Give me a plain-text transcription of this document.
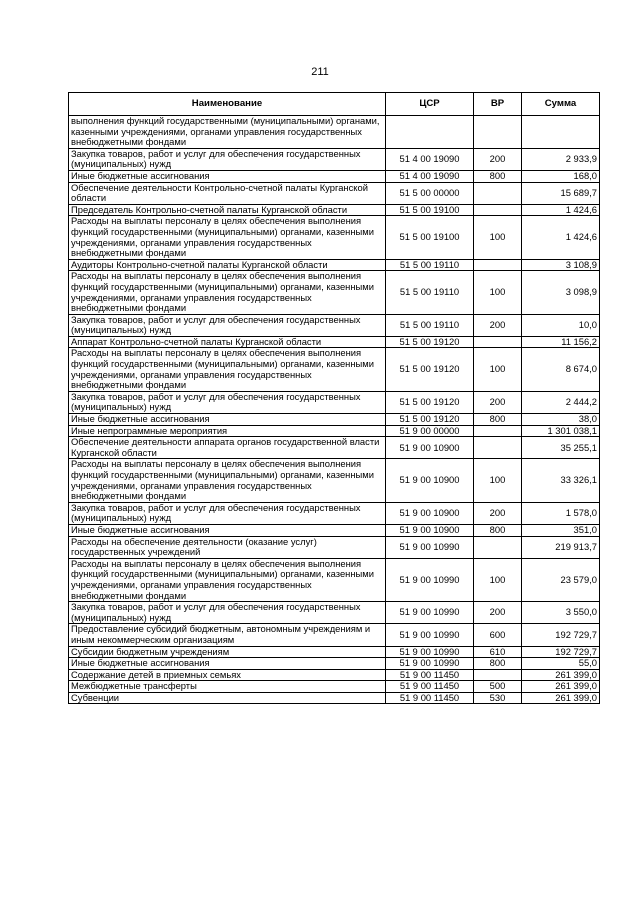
211
Наименование	ЦСР	ВР	Сумма
выполнения функций государственными (муниципальными) органами, казенными учреждениями, органами управления государственных внебюджетными фондами			
Закупка товаров, работ и услуг для обеспечения государственных (муниципальных) нужд	51 4 00 19090	200	2 933,9
Иные бюджетные ассигнования	51 4 00 19090	800	168,0
Обеспечение деятельности Контрольно-счетной палаты Курганской области	51 5 00 00000		15 689,7
Председатель Контрольно-счетной палаты Курганской области	51 5 00 19100		1 424,6
Расходы на выплаты персоналу в целях обеспечения выполнения функций государственными (муниципальными) органами, казенными учреждениями, органами управления государственных внебюджетными фондами	51 5 00 19100	100	1 424,6
Аудиторы Контрольно-счетной палаты Курганской области	51 5 00 19110		3 108,9
Расходы на выплаты персоналу в целях обеспечения выполнения функций государственными (муниципальными) органами, казенными учреждениями, органами управления государственных внебюджетными фондами	51 5 00 19110	100	3 098,9
Закупка товаров, работ и услуг для обеспечения государственных (муниципальных) нужд	51 5 00 19110	200	10,0
Аппарат Контрольно-счетной палаты Курганской области	51 5 00 19120		11 156,2
Расходы на выплаты персоналу в целях обеспечения выполнения функций государственными (муниципальными) органами, казенными учреждениями, органами управления государственных внебюджетными фондами	51 5 00 19120	100	8 674,0
Закупка товаров, работ и услуг для обеспечения государственных (муниципальных) нужд	51 5 00 19120	200	2 444,2
Иные бюджетные ассигнования	51 5 00 19120	800	38,0
Иные непрограммные мероприятия	51 9 00 00000		1 301 038,1
Обеспечение деятельности аппарата органов государственной власти Курганской области	51 9 00 10900		35 255,1
Расходы на выплаты персоналу в целях обеспечения выполнения функций государственными (муниципальными) органами, казенными учреждениями, органами управления государственных внебюджетными фондами	51 9 00 10900	100	33 326,1
Закупка товаров, работ и услуг для обеспечения государственных (муниципальных) нужд	51 9 00 10900	200	1 578,0
Иные бюджетные ассигнования	51 9 00 10900	800	351,0
Расходы на обеспечение деятельности (оказание услуг) государственных учреждений	51 9 00 10990		219 913,7
Расходы на выплаты персоналу в целях обеспечения выполнения функций государственными (муниципальными) органами, казенными учреждениями, органами управления государственных внебюджетными фондами	51 9 00 10990	100	23 579,0
Закупка товаров, работ и услуг для обеспечения государственных (муниципальных) нужд	51 9 00 10990	200	3 550,0
Предоставление субсидий бюджетным, автономным учреждениям и иным некоммерческим организациям	51 9 00 10990	600	192 729,7
Субсидии бюджетным учреждениям	51 9 00 10990	610	192 729,7
Иные бюджетные ассигнования	51 9 00 10990	800	55,0
Содержание детей в приемных семьях	51 9 00 11450		261 399,0
Межбюджетные трансферты	51 9 00 11450	500	261 399,0
Субвенции	51 9 00 11450	530	261 399,0
